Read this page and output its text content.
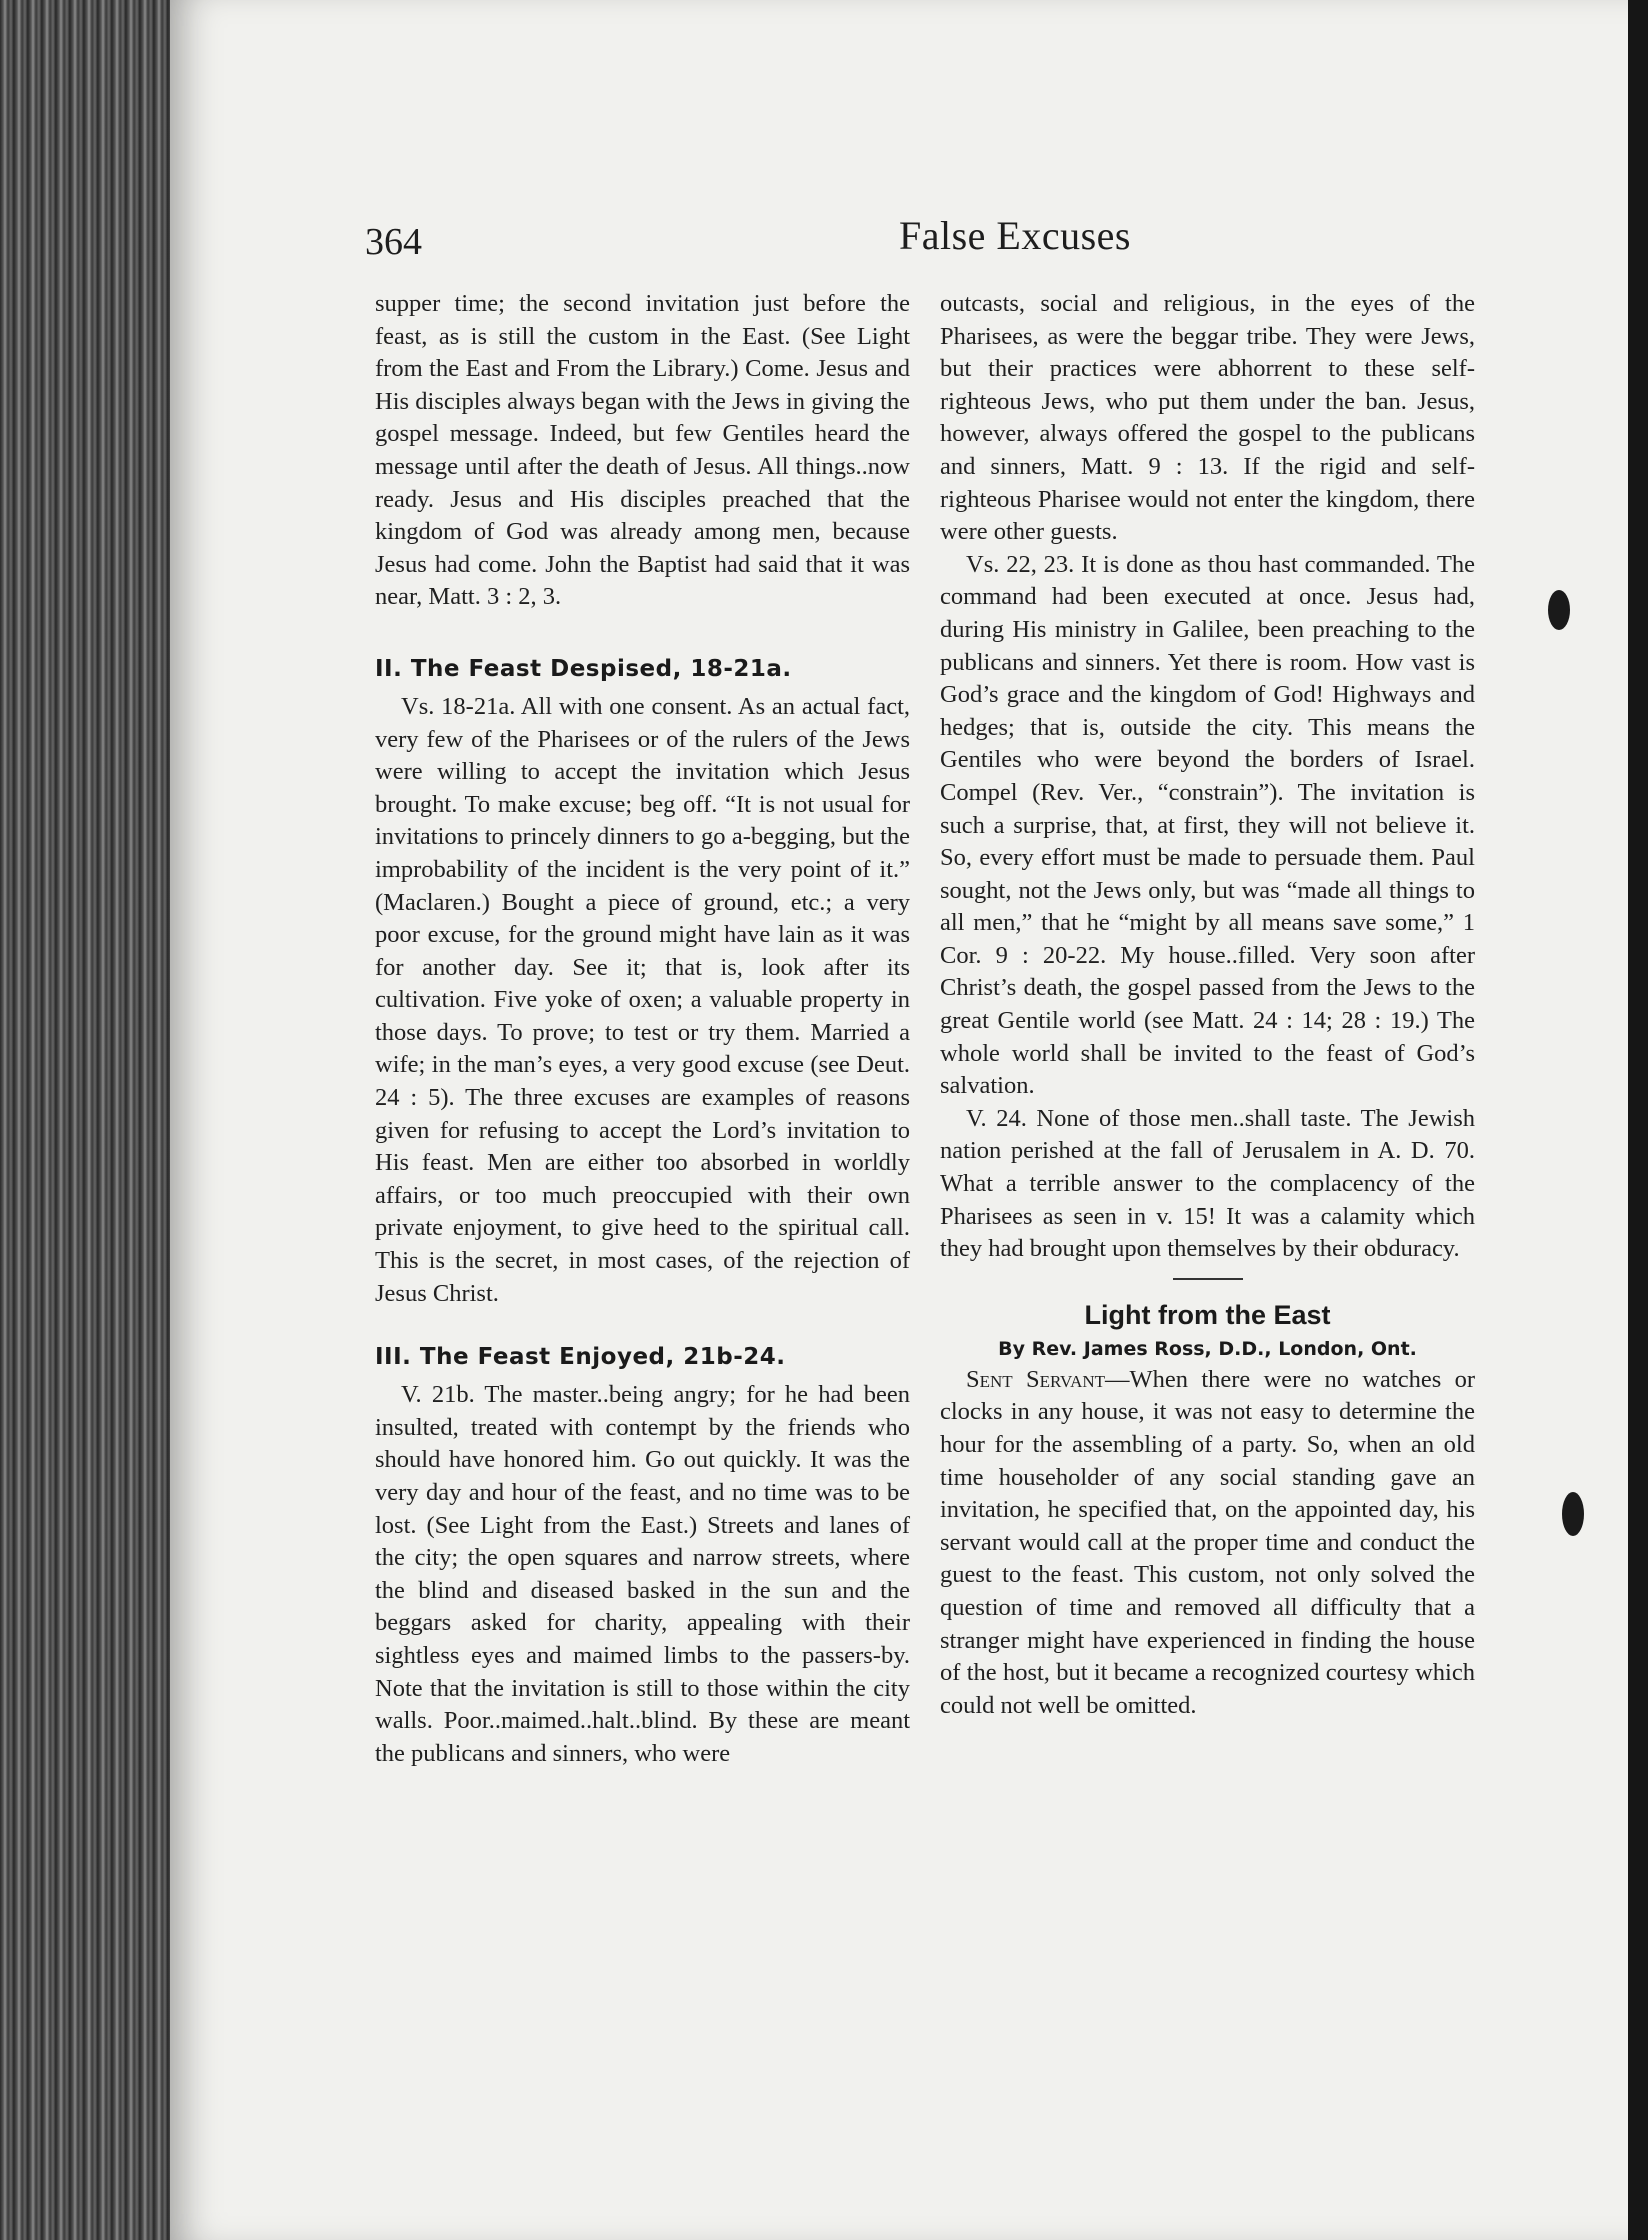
364	False Excuses

supper time; the second invitation just before the feast, as is still the custom in the East. (See Light from the East and From the Library.) Come. Jesus and His disciples always began with the Jews in giving the gospel message. Indeed, but few Gentiles heard the message until after the death of Jesus. All things..now ready. Jesus and His disciples preached that the kingdom of God was already among men, because Jesus had come. John the Baptist had said that it was near, Matt. 3 : 2, 3.

II. The Feast Despised, 18-21a.

Vs. 18-21a. All with one consent. As an actual fact, very few of the Pharisees or of the rulers of the Jews were willing to accept the invitation which Jesus brought. To make excuse; beg off. “It is not usual for invitations to princely dinners to go a-begging, but the improbability of the incident is the very point of it.” (Maclaren.) Bought a piece of ground, etc.; a very poor excuse, for the ground might have lain as it was for another day. See it; that is, look after its cultivation. Five yoke of oxen; a valuable property in those days. To prove; to test or try them. Married a wife; in the man’s eyes, a very good excuse (see Deut. 24 : 5). The three excuses are examples of reasons given for refusing to accept the Lord’s invitation to His feast. Men are either too absorbed in worldly affairs, or too much preoccupied with their own private enjoyment, to give heed to the spiritual call. This is the secret, in most cases, of the rejection of Jesus Christ.

III. The Feast Enjoyed, 21b-24.

V. 21b. The master..being angry; for he had been insulted, treated with contempt by the friends who should have honored him. Go out quickly. It was the very day and hour of the feast, and no time was to be lost. (See Light from the East.) Streets and lanes of the city; the open squares and narrow streets, where the blind and diseased basked in the sun and the beggars asked for charity, appealing with their sightless eyes and maimed limbs to the passers-by. Note that the invitation is still to those within the city walls. Poor..maimed..halt..blind. By these are meant the publicans and sinners, who were

outcasts, social and religious, in the eyes of the Pharisees, as were the beggar tribe. They were Jews, but their practices were abhorrent to these self-righteous Jews, who put them under the ban. Jesus, however, always offered the gospel to the publicans and sinners, Matt. 9 : 13. If the rigid and self-righteous Pharisee would not enter the kingdom, there were other guests.

Vs. 22, 23. It is done as thou hast commanded. The command had been executed at once. Jesus had, during His ministry in Galilee, been preaching to the publicans and sinners. Yet there is room. How vast is God’s grace and the kingdom of God! Highways and hedges; that is, outside the city. This means the Gentiles who were beyond the borders of Israel. Compel (Rev. Ver., “constrain”). The invitation is such a surprise, that, at first, they will not believe it. So, every effort must be made to persuade them. Paul sought, not the Jews only, but was “made all things to all men,” that he “might by all means save some,” 1 Cor. 9 : 20-22. My house..filled. Very soon after Christ’s death, the gospel passed from the Jews to the great Gentile world (see Matt. 24 : 14; 28 : 19.) The whole world shall be invited to the feast of God’s salvation.

V. 24. None of those men..shall taste. The Jewish nation perished at the fall of Jerusalem in A. D. 70. What a terrible answer to the complacency of the Pharisees as seen in v. 15! It was a calamity which they had brought upon themselves by their obduracy.

Light from the East

By Rev. James Ross, D.D., London, Ont.

Sent Servant—When there were no watches or clocks in any house, it was not easy to determine the hour for the assembling of a party. So, when an old time householder of any social standing gave an invitation, he specified that, on the appointed day, his servant would call at the proper time and conduct the guest to the feast. This custom, not only solved the question of time and removed all difficulty that a stranger might have experienced in finding the house of the host, but it became a recognized courtesy which could not well be omitted.
